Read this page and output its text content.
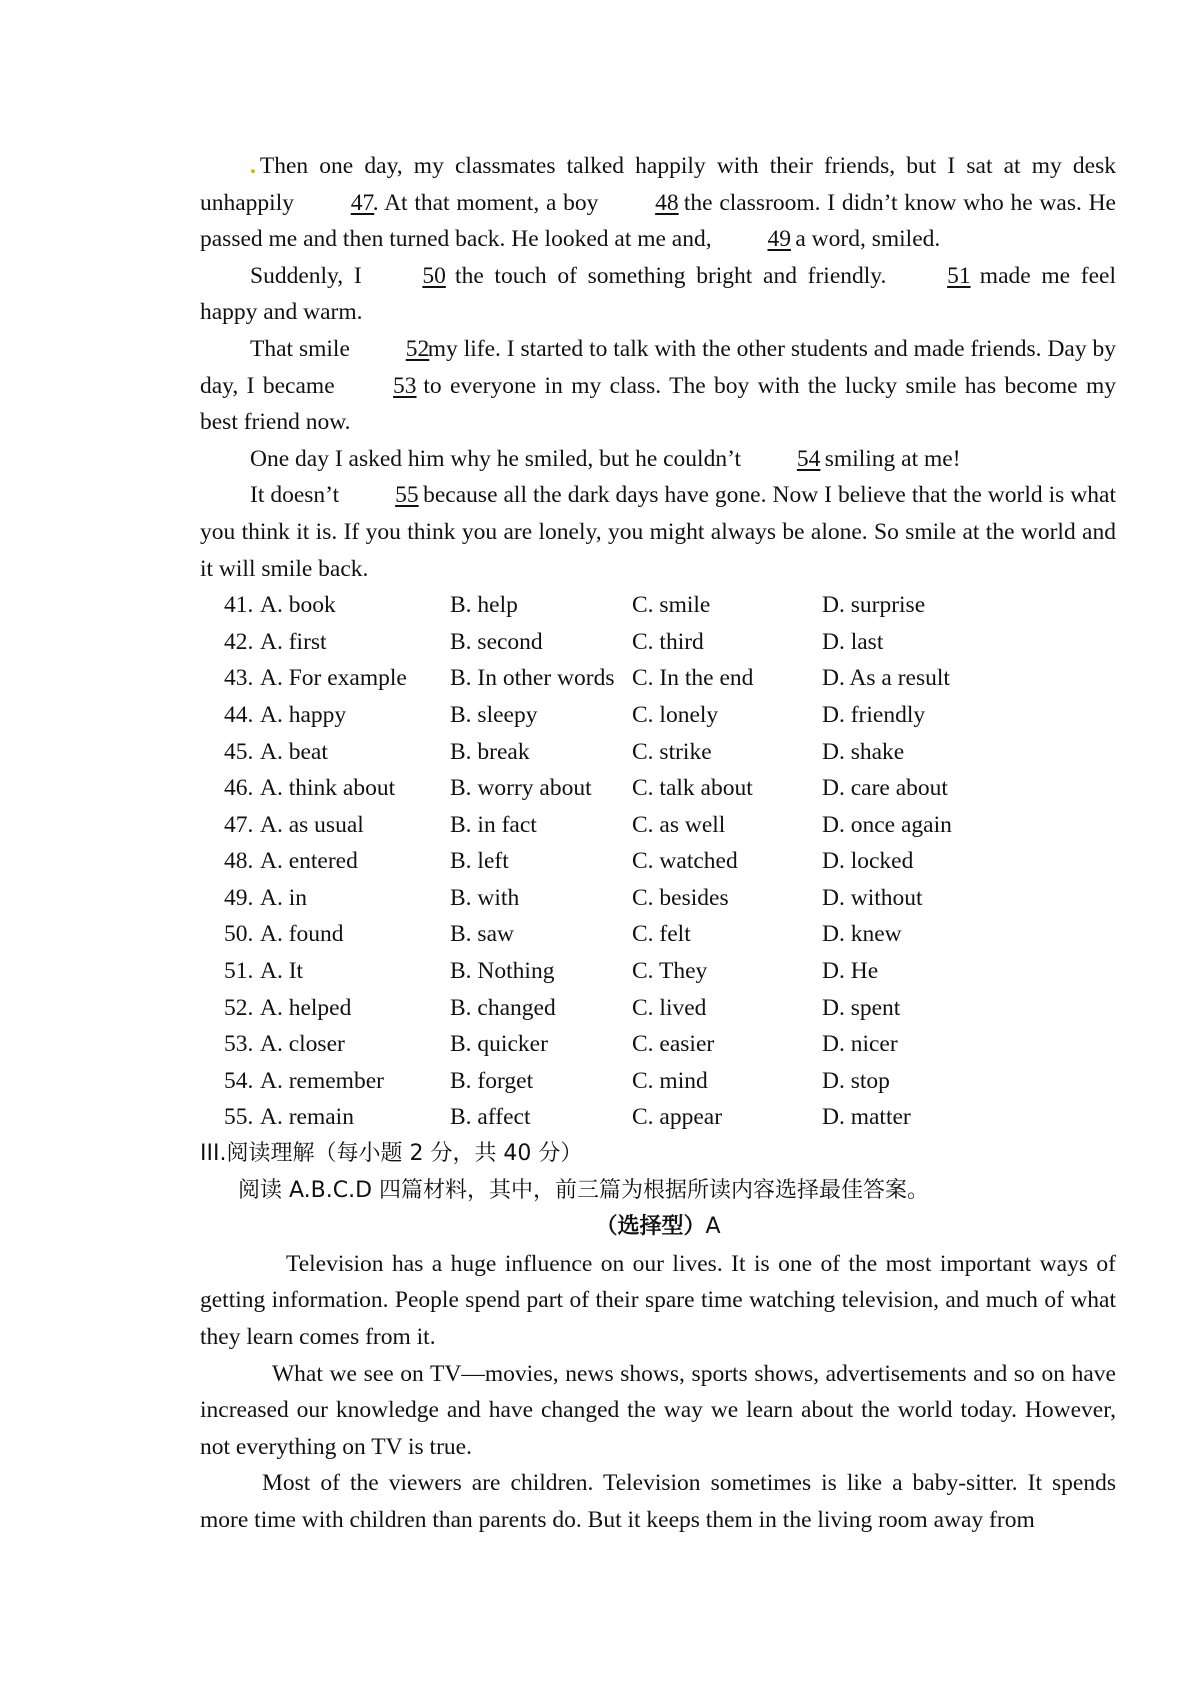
. Then one day, my classmates talked happily with their friends, but I sat at my desk unhappily 47. At that moment, a boy 48 the classroom. I didn’t know who he was. He passed me and then turned back. He looked at me and, 49 a word, smiled.

Suddenly, I 50 the touch of something bright and friendly. 51 made me feel happy and warm.

That smile 52my life. I started to talk with the other students and made friends. Day by day, I became 53 to everyone in my class. The boy with the lucky smile has become my best friend now.

One day I asked him why he smiled, but he couldn’t 54 smiling at me!

It doesn’t 55 because all the dark days have gone. Now I believe that the world is what you think it is. If you think you are lonely, you might always be alone. So smile at the world and it will smile back.

41. A. book	B. help	C. smile	D. surprise
42. A. first	B. second	C. third	D. last
43. A. For example B. In other words C. In the end	D. As a result
44. A. happy	B. sleepy	C. lonely	D. friendly
45. A. beat	B. break	C. strike	D. shake
46. A. think about B. worry about C. talk about	D. care about
47. A. as usual	B. in fact	C. as well	D. once again
48. A. entered	B. left	C. watched	D. locked
49. A. in	B. with	C. besides	D. without
50. A. found	B. saw	C. felt	D. knew
51. A. It	B. Nothing	C. They	D. He
52. A. helped	B. changed	C. lived	D. spent
53. A. closer	B. quicker	C. easier	D. nicer
54. A. remember	B. forget	C. mind	D. stop
55. A. remain	B. affect	C. appear	D. matter

III.阅读理解（每小题 2 分，共 40 分）

阅读 A.B.C.D 四篇材料，其中，前三篇为根据所读内容选择最佳答案。

（选择型）A

Television has a huge influence on our lives. It is one of the most important ways of getting information. People spend part of their spare time watching television, and much of what they learn comes from it.

What we see on TV—movies, news shows, sports shows, advertisements and so on have increased our knowledge and have changed the way we learn about the world today. However, not everything on TV is true.

Most of the viewers are children. Television sometimes is like a baby-sitter. It spends more time with children than parents do. But it keeps them in the living room away from
